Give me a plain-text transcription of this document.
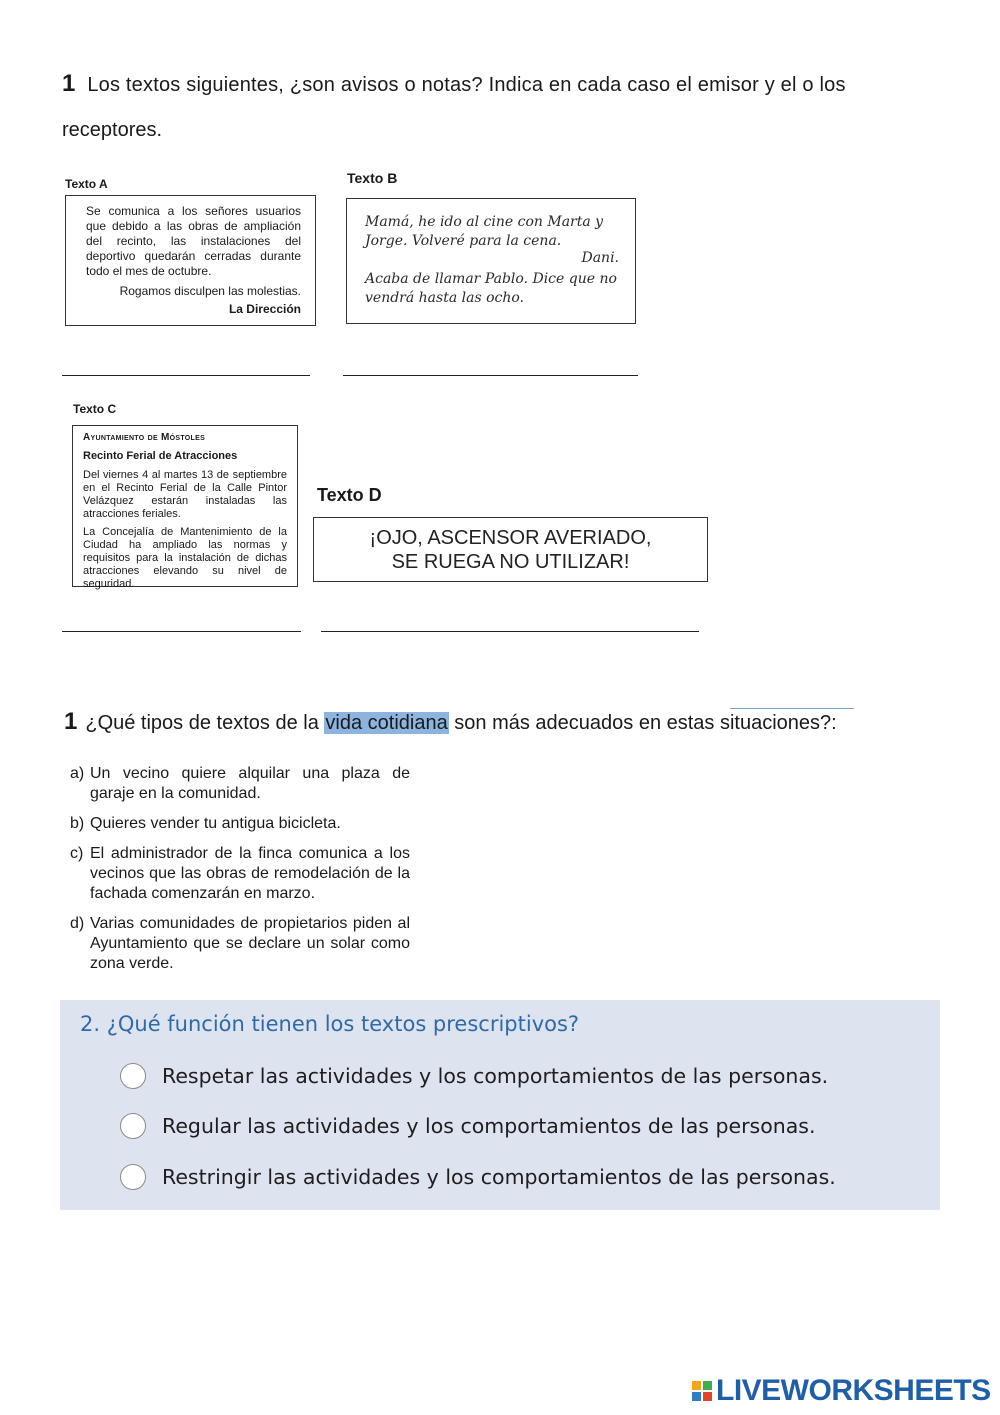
1 Los textos siguientes, ¿son avisos o notas? Indica en cada caso el emisor y el o los
receptores.
Texto A
Se comunica a los señores usuarios que debido a las obras de ampliación del recinto, las instalaciones del deportivo quedarán cerradas durante todo el mes de octubre.
Rogamos disculpen las molestias.
La Dirección
Texto B
Mamá, he ido al cine con Marta y Jorge. Volveré para la cena.
Dani.
Acaba de llamar Pablo. Dice que no vendrá hasta las ocho.
Texto C
Ayuntamiento de Móstoles
Recinto Ferial de Atracciones
Del viernes 4 al martes 13 de septiembre en el Recinto Ferial de la Calle Pintor Velázquez estarán instaladas las atracciones feriales.
La Concejalía de Mantenimiento de la Ciudad ha ampliado las normas y requisitos para la instalación de dichas atracciones elevando su nivel de seguridad.
Texto D
¡OJO, ASCENSOR AVERIADO,
SE RUEGA NO UTILIZAR!
1 ¿Qué tipos de textos de la vida cotidiana son más adecuados en estas situaciones?:
a) Un vecino quiere alquilar una plaza de garaje en la comunidad.
b) Quieres vender tu antigua bicicleta.
c) El administrador de la finca comunica a los vecinos que las obras de remodelación de la fachada comenzarán en marzo.
d) Varias comunidades de propietarios piden al Ayuntamiento que se declare un solar como zona verde.
2. ¿Qué función tienen los textos prescriptivos?
Respetar las actividades y los comportamientos de las personas.
Regular las actividades y los comportamientos de las personas.
Restringir las actividades y los comportamientos de las personas.
LIVEWORKSHEETS
